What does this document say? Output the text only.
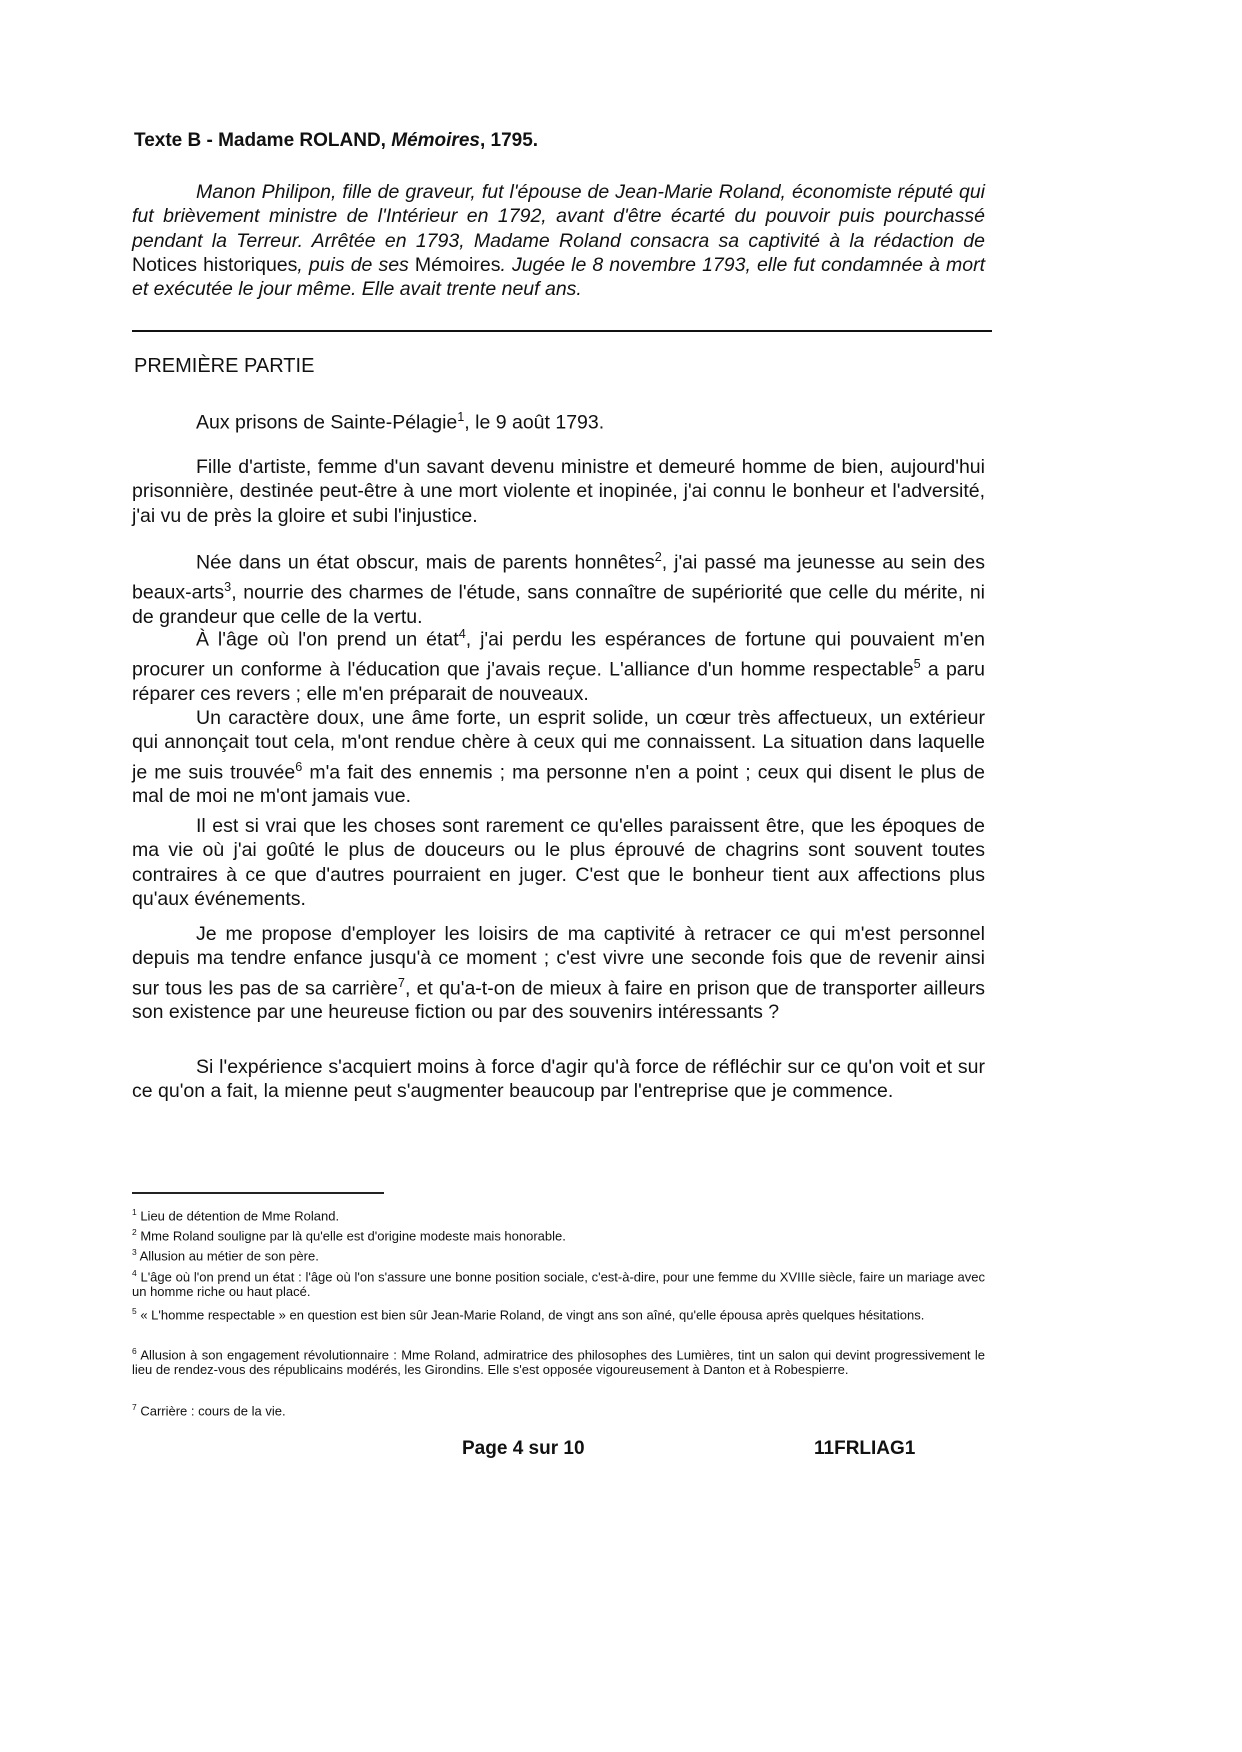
Texte B - Madame ROLAND, Mémoires, 1795.
Manon Philipon, fille de graveur, fut l'épouse de Jean-Marie Roland, économiste réputé qui fut brièvement ministre de l'Intérieur en 1792, avant d'être écarté du pouvoir puis pourchassé pendant la Terreur. Arrêtée en 1793, Madame Roland consacra sa captivité à la rédaction de Notices historiques, puis de ses Mémoires. Jugée le 8 novembre 1793, elle fut condamnée à mort et exécutée le jour même. Elle avait trente neuf ans.
PREMIÈRE PARTIE
Aux prisons de Sainte-Pélagie$^1$, le 9 août 1793.
Fille d'artiste, femme d'un savant devenu ministre et demeuré homme de bien, aujourd'hui prisonnière, destinée peut-être à une mort violente et inopinée, j'ai connu le bonheur et l'adversité, j'ai vu de près la gloire et subi l'injustice.
Née dans un état obscur, mais de parents honnêtes$^2$, j'ai passé ma jeunesse au sein des beaux-arts$^3$, nourrie des charmes de l'étude, sans connaître de supériorité que celle du mérite, ni de grandeur que celle de la vertu.
À l'âge où l'on prend un état$^4$, j'ai perdu les espérances de fortune qui pouvaient m'en procurer un conforme à l'éducation que j'avais reçue. L'alliance d'un homme respectable$^5$ a paru réparer ces revers ; elle m'en préparait de nouveaux.
Un caractère doux, une âme forte, un esprit solide, un cœur très affectueux, un extérieur qui annonçait tout cela, m'ont rendue chère à ceux qui me connaissent. La situation dans laquelle je me suis trouvée$^6$ m'a fait des ennemis ; ma personne n'en a point ; ceux qui disent le plus de mal de moi ne m'ont jamais vue.
Il est si vrai que les choses sont rarement ce qu'elles paraissent être, que les époques de ma vie où j'ai goûté le plus de douceurs ou le plus éprouvé de chagrins sont souvent toutes contraires à ce que d'autres pourraient en juger. C'est que le bonheur tient aux affections plus qu'aux événements.
Je me propose d'employer les loisirs de ma captivité à retracer ce qui m'est personnel depuis ma tendre enfance jusqu'à ce moment ; c'est vivre une seconde fois que de revenir ainsi sur tous les pas de sa carrière$^7$, et qu'a-t-on de mieux à faire en prison que de transporter ailleurs son existence par une heureuse fiction ou par des souvenirs intéressants ?
Si l'expérience s'acquiert moins à force d'agir qu'à force de réfléchir sur ce qu'on voit et sur ce qu'on a fait, la mienne peut s'augmenter beaucoup par l'entreprise que je commence.
$^1$ Lieu de détention de Mme Roland.
$^2$ Mme Roland souligne par là qu'elle est d'origine modeste mais honorable.
$^3$ Allusion au métier de son père.
$^4$ L'âge où l'on prend un état : l'âge où l'on s'assure une bonne position sociale, c'est-à-dire, pour une femme du XVIIIe siècle, faire un mariage avec un homme riche ou haut placé.
$^5$ « L'homme respectable » en question est bien sûr Jean-Marie Roland, de vingt ans son aîné, qu'elle épousa après quelques hésitations.
$^6$ Allusion à son engagement révolutionnaire : Mme Roland, admiratrice des philosophes des Lumières, tint un salon qui devint progressivement le lieu de rendez-vous des républicains modérés, les Girondins. Elle s'est opposée vigoureusement à Danton et à Robespierre.
$^7$ Carrière : cours de la vie.
Page 4 sur 10	11FRLIAG1
